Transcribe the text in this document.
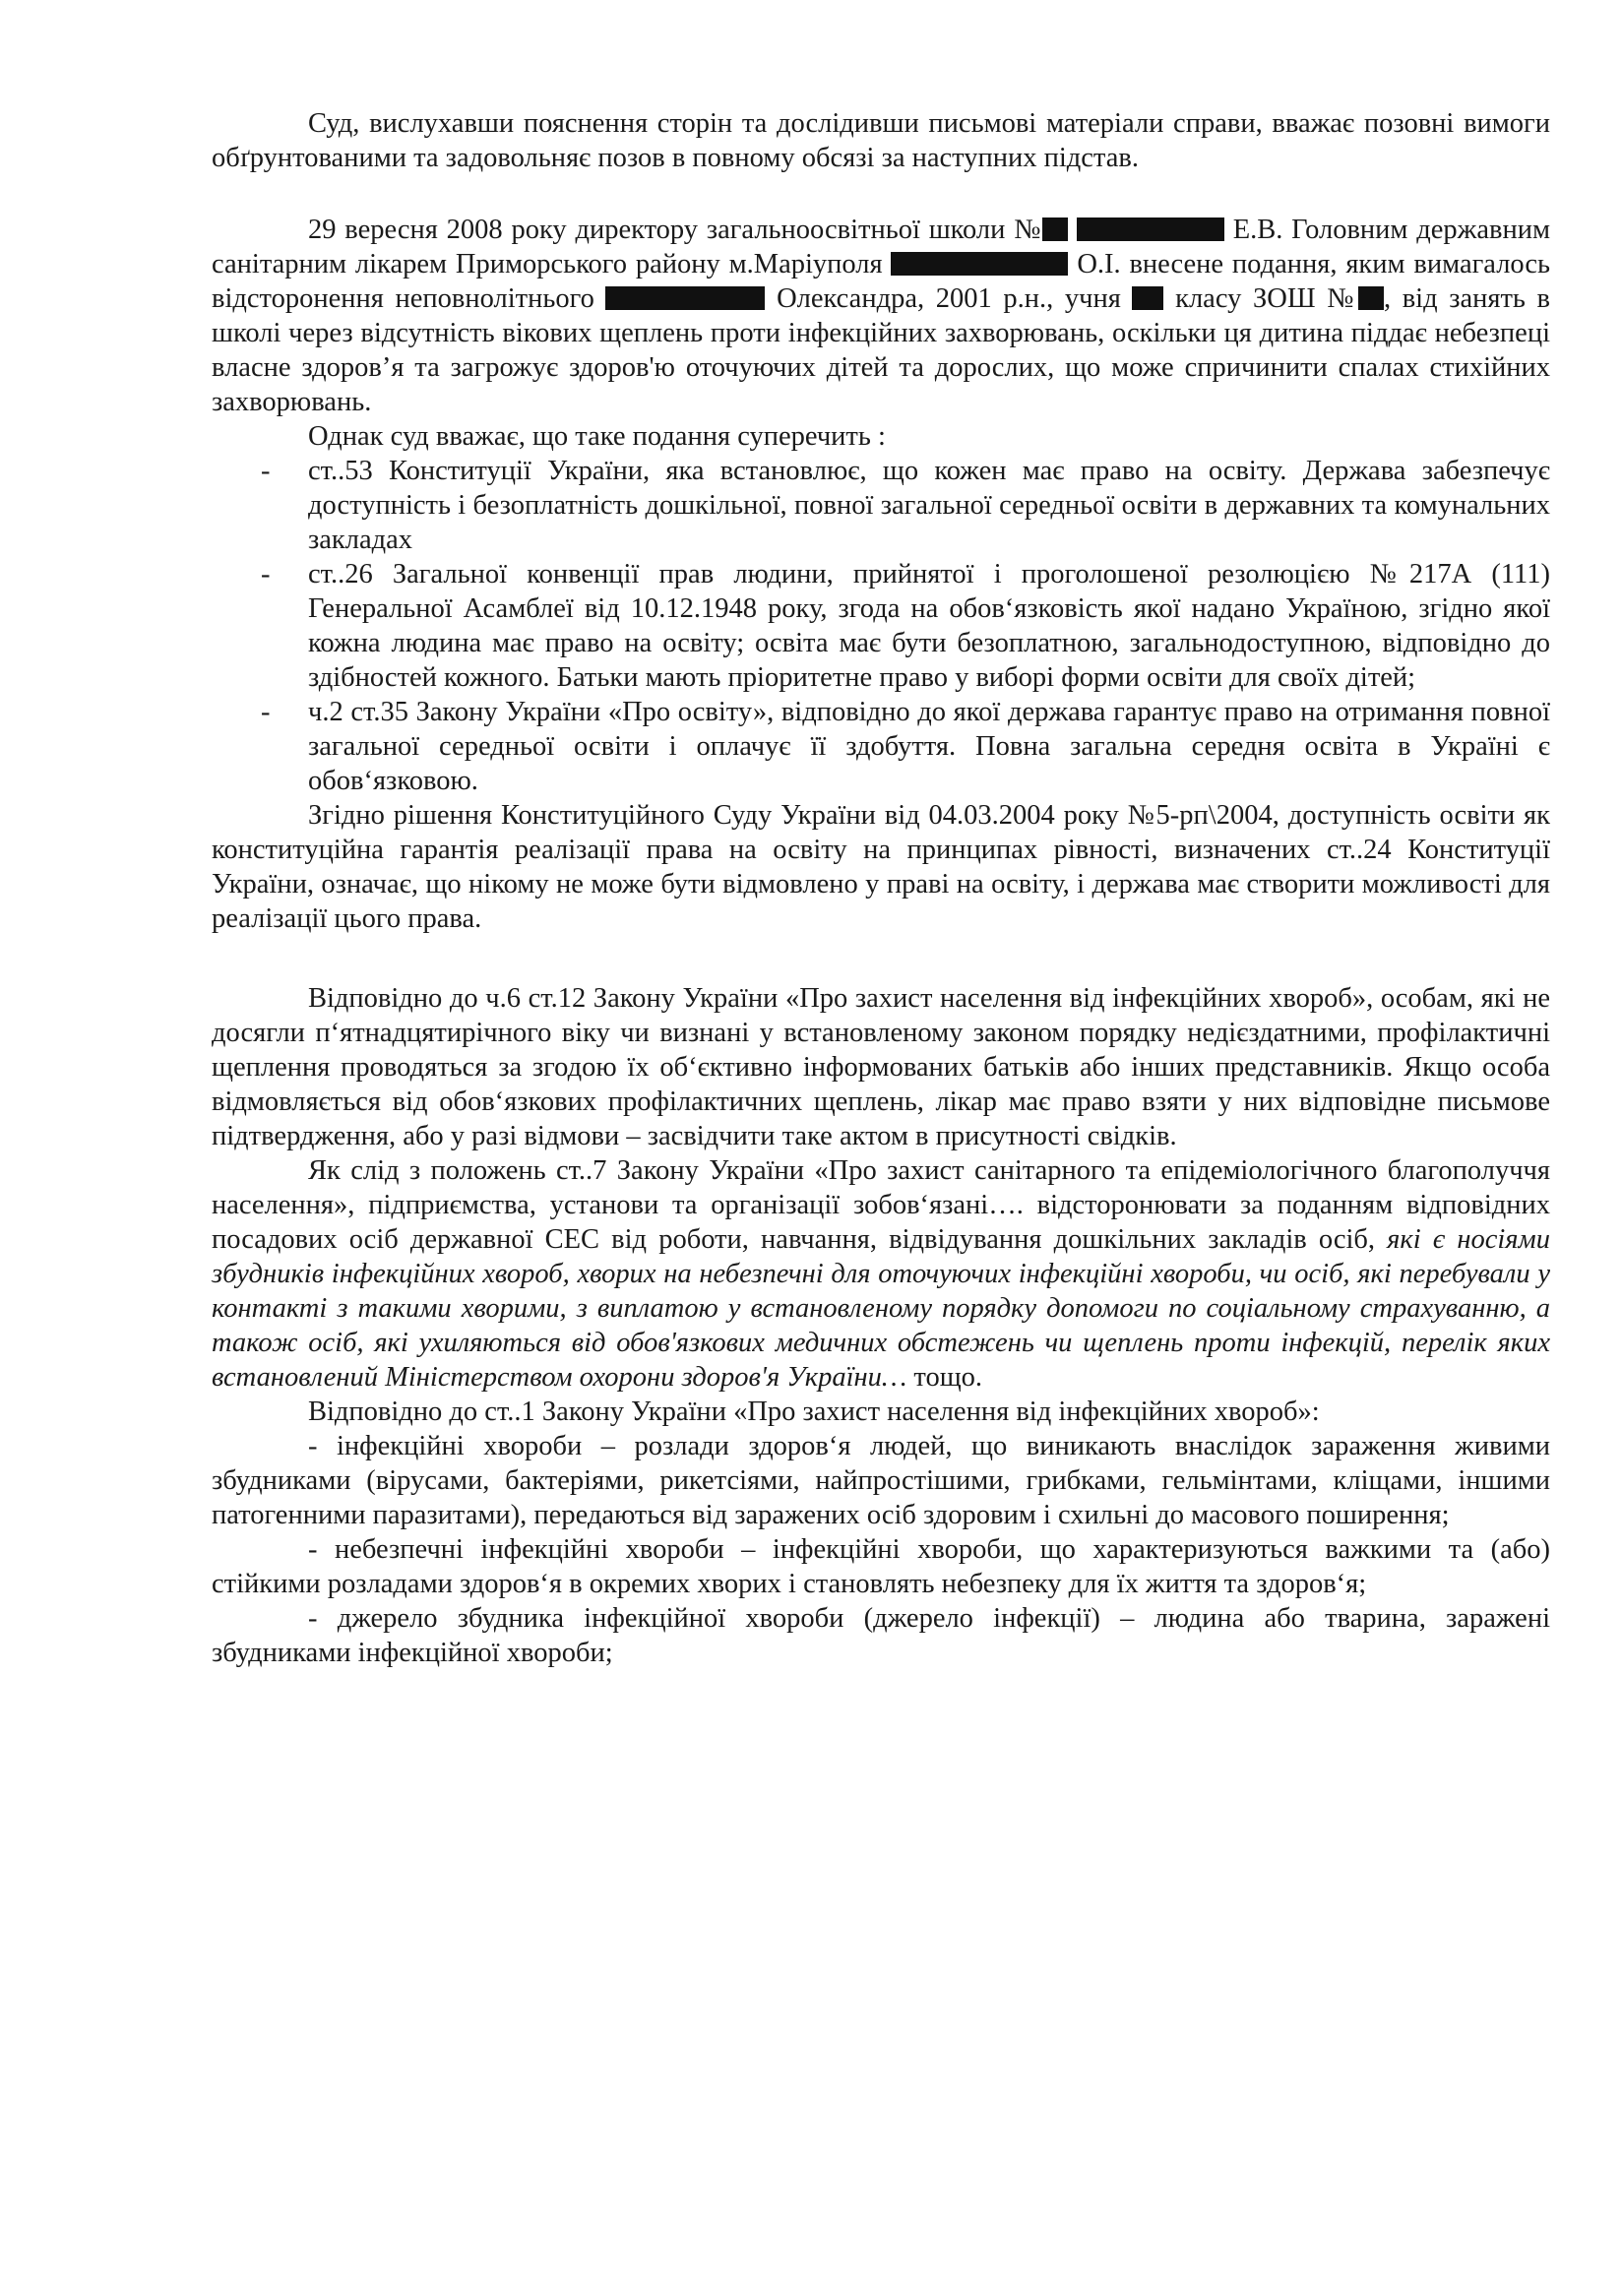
Суд, вислухавши пояснення сторін та дослідивши письмові матеріали справи, вважає позовні вимоги обґрунтованими та задовольняє позов в повному обсязі за наступних підстав.

29 вересня 2008 року директору загальноосвітньої школи №	Е.В. Головним державним санітарним лікарем Приморського району м.Маріуполя	О.І. внесене подання, яким вимагалось відсторонення неповнолітнього	Олександра, 2001 р.н., учня класу ЗОШ № , від занять в школі через відсутність вікових щеплень проти інфекційних захворювань, оскільки ця дитина піддає небезпеці власне здоров’я та загрожує здоров'ю оточуючих дітей та дорослих, що може спричинити спалах стихійних захворювань.

Однак суд вважає, що таке подання суперечить :

- ст..53 Конституції України, яка встановлює, що кожен має право на освіту. Держава забезпечує доступність і безоплатність дошкільної, повної загальної середньої освіти в державних та комунальних закладах
- ст..26 Загальної конвенції прав людини, прийнятої і проголошеної резолюцією №217А (111) Генеральної Асамблеї від 10.12.1948 року, згода на обов‘язковість якої надано Україною, згідно якої кожна людина має право на освіту; освіта має бути безоплатною, загальнодоступною, відповідно до здібностей кожного. Батьки мають пріоритетне право у виборі форми освіти для своїх дітей;
- ч.2 ст.35 Закону України «Про освіту», відповідно до якої держава гарантує право на отримання повної загальної середньої освіти і оплачує її здобуття. Повна загальна середня освіта в Україні є обов‘язковою.

Згідно рішення Конституційного Суду України від 04.03.2004 року №5-рп\2004, доступність освіти як конституційна гарантія реалізації права на освіту на принципах рівності, визначених ст..24 Конституції України, означає, що нікому не може бути відмовлено у праві на освіту, і держава має створити можливості для реалізації цього права.

Відповідно до ч.6 ст.12 Закону України «Про захист населення від інфекційних хвороб», особам, які не досягли п‘ятнадцятирічного віку чи визнані у встановленому законом порядку недієздатними, профілактичні щеплення проводяться за згодою їх об‘єктивно інформованих батьків або інших представників. Якщо особа відмовляється від обов‘язкових профілактичних щеплень, лікар має право взяти у них відповідне письмове підтвердження, або у разі відмови – засвідчити таке актом в присутності свідків.

Як слід з положень ст..7 Закону України «Про захист санітарного та епідеміологічного благополуччя населення», підприємства, установи та організації зобов‘язані…. відсторонювати за поданням відповідних посадових осіб державної СЕС від роботи, навчання, відвідування дошкільних закладів осіб, які є носіями збудників інфекційних хвороб, хворих на небезпечні для оточуючих інфекційні хвороби, чи осіб, які перебували у контакті з такими хворими, з виплатою у встановленому порядку допомоги по соціальному страхуванню, а також осіб, які ухиляються від обов'язкових медичних обстежень чи щеплень проти інфекцій, перелік яких встановлений Міністерством охорони здоров'я України… тощо.

Відповідно до ст..1 Закону України «Про захист населення від інфекційних хвороб»:

- інфекційні хвороби – розлади здоров‘я людей, що виникають внаслідок зараження живими збудниками (вірусами, бактеріями, рикетсіями, найпростішими, грибками, гельмінтами, кліщами, іншими патогенними паразитами), передаються від заражених осіб здоровим і схильні до масового поширення;

- небезпечні інфекційні хвороби – інфекційні хвороби, що характеризуються важкими та (або) стійкими розладами здоров‘я в окремих хворих і становлять небезпеку для їх життя та здоров‘я;

- джерело збудника інфекційної хвороби (джерело інфекції) – людина або тварина, заражені збудниками інфекційної хвороби;
